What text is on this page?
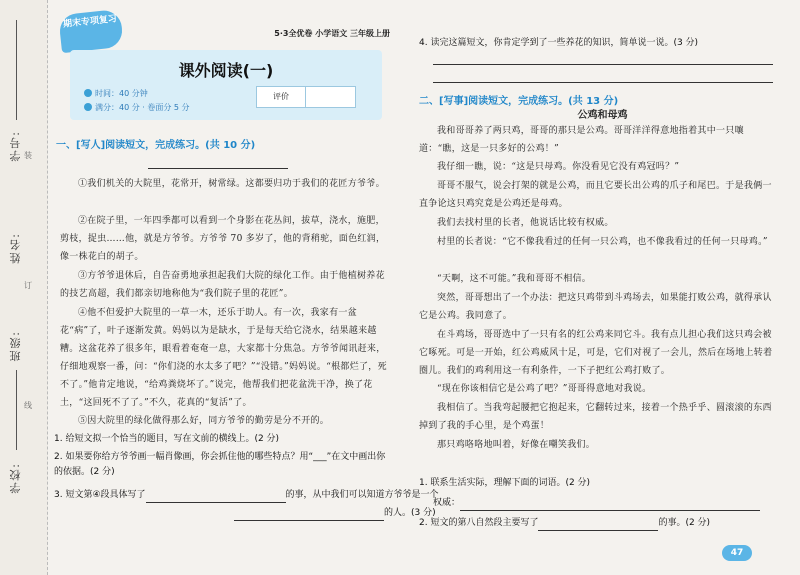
学校:
班级:
姓名:
学号: 装
订
线
期末专项复习
5·3全优卷 小学语文 三年级上册
课外阅读(一)
时间：40 分钟
满分：40 分 · 卷面分 5 分
评价
一、[写人]阅读短文，完成练习。(共 10 分)
①我们机关的大院里，花常开，树常绿。这都要归功于我们的花匠方爷爷。
②在院子里，一年四季都可以看到一个身影在花丛间，拔草，浇水，施肥，剪枝，捉虫……他，就是方爷爷。方爷爷 70 多岁了，他的背稍驼，面色红润，像一株花白的胡子。
③方爷爷退休后，自告奋勇地承担起我们大院的绿化工作。由于他植树养花的技艺高超，我们都亲切地称他为“我们院子里的花匠”。
④他不但爱护大院里的一草一木，还乐于助人。有一次，我家有一盆花“病”了，叶子逐渐发黄。妈妈以为是缺水，于是每天给它浇水，结果越来越糟。这盆花养了很多年，眼看着奄奄一息，大家都十分焦急。方爷爷闻讯赶来，仔细地观察一番，问：“你们浇的水太多了吧？”“没错。”妈妈说。“根都烂了，死不了。”他肯定地说，“给鸡粪烧坏了。”说完，他帮我们把花盆洗干净，换了花土，“这回死不了了。”不久，花真的“复活”了。
⑤因大院里的绿化做得那么好，同方爷爷的勤劳是分不开的。
1. 给短文拟一个恰当的题目，写在文前的横线上。(2 分)
2. 如果要你给方爷爷画一幅肖像画，你会抓住他的哪些特点？用“___”在文中画出你的依据。(2 分)
3. 短文第④段具体写了	的事，从中我们可以知道方爷爷是一个
的人。(3 分)
4. 读完这篇短文，你肯定学到了一些养花的知识，简单说一说。(3 分)
二、[写事]阅读短文，完成练习。(共 13 分)
公鸡和母鸡
我和哥哥养了两只鸡，哥哥的那只是公鸡。哥哥洋洋得意地指着其中一只嚷道：“瞧，这是一只多好的公鸡！”
我仔细一瞧，说：“这是只母鸡。你没看见它没有鸡冠吗？”
哥哥不服气，说会打架的就是公鸡，而且它要长出公鸡的爪子和尾巴。于是我俩一直争论这只鸡究竟是公鸡还是母鸡。
我们去找村里的长者，他说话比较有权威。
村里的长者说：“它不像我看过的任何一只公鸡，也不像我看过的任何一只母鸡。”
“天啊，这不可能。”我和哥哥不相信。
突然，哥哥想出了一个办法：把这只鸡带到斗鸡场去，如果能打败公鸡，就得承认它是公鸡。我同意了。
在斗鸡场，哥哥选中了一只有名的红公鸡来同它斗。我有点儿担心我们这只鸡会被它啄死。可是一开始，红公鸡威风十足，可是，它们对视了一会儿，然后在场地上转着圈儿。我们的鸡利用这一有利条件，一下子把红公鸡打败了。
“现在你该相信它是公鸡了吧？”哥哥得意地对我说。
我相信了。当我弯起腰把它抱起来，它翻转过来，接着一个热乎乎、圆滚滚的东西掉到了我的手心里，是个鸡蛋！
那只鸡咯咯地叫着，好像在嘲笑我们。
1. 联系生活实际，理解下面的词语。(2 分)
权威：
2. 短文的第八自然段主要写了	的事。(2 分)
47
